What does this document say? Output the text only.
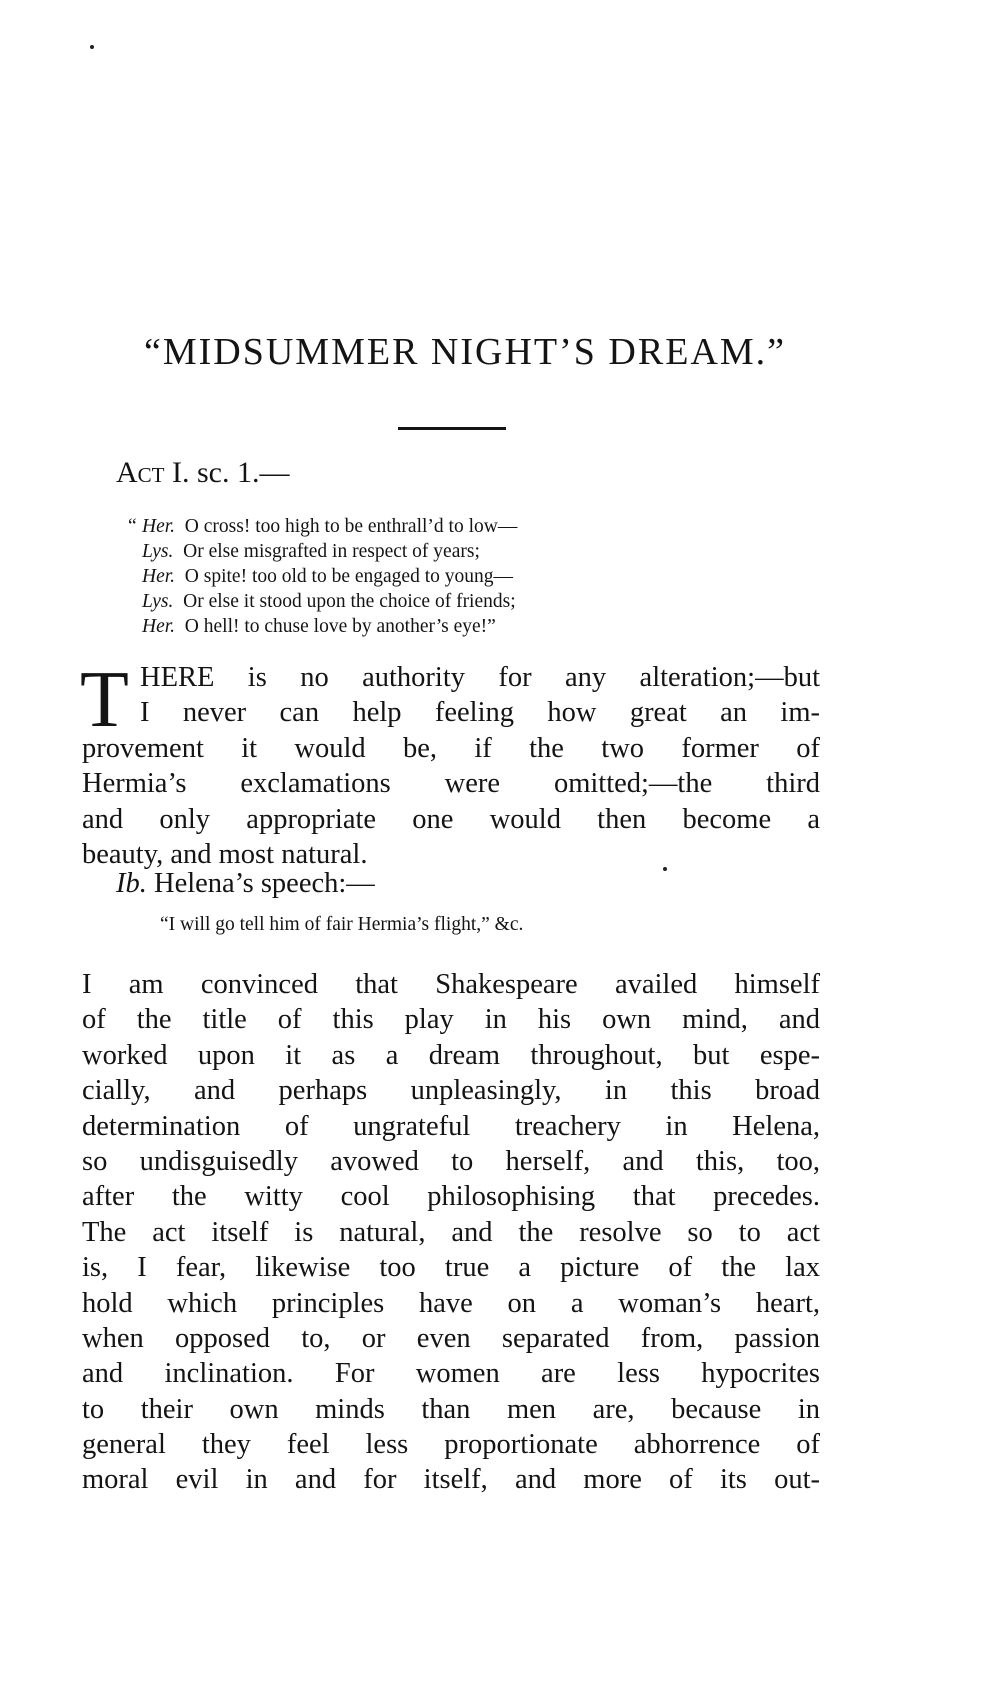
“MIDSUMMER NIGHT’S DREAM.”
Act I. sc. 1.—
“ Her. O cross! too high to be enthrall’d to low—
Lys. Or else misgrafted in respect of years;
Her. O spite! too old to be engaged to young—
Lys. Or else it stood upon the choice of friends;
Her. O hell! to chuse love by another’s eye!”
T HERE is no authority for any alteration;—but
I never can help feeling how great an im-
provement it would be, if the two former of
Hermia’s exclamations were omitted;—the third
and only appropriate one would then become a
beauty, and most natural.
Ib. Helena’s speech:—
“I will go tell him of fair Hermia’s flight,” &c.
I am convinced that Shakespeare availed himself
of the title of this play in his own mind, and
worked upon it as a dream throughout, but espe-
cially, and perhaps unpleasingly, in this broad
determination of ungrateful treachery in Helena,
so undisguisedly avowed to herself, and this, too,
after the witty cool philosophising that precedes.
The act itself is natural, and the resolve so to act
is, I fear, likewise too true a picture of the lax
hold which principles have on a woman’s heart,
when opposed to, or even separated from, passion
and inclination. For women are less hypocrites
to their own minds than men are, because in
general they feel less proportionate abhorrence of
moral evil in and for itself, and more of its out-
